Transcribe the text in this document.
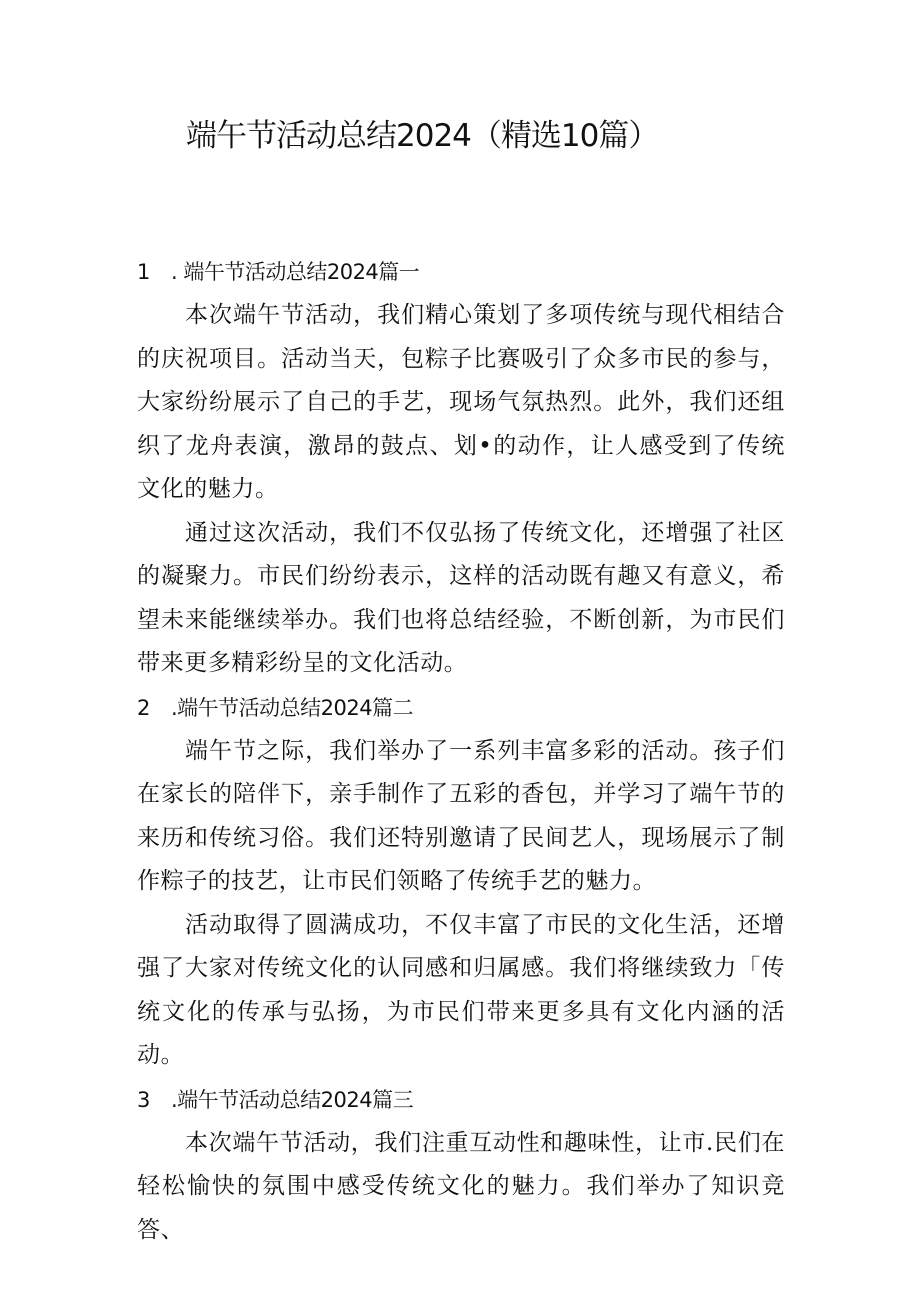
端午节活动总结2024（精选10篇）

1 . 端午节活动总结2024篇一

本次端午节活动，我们精心策划了多项传统与现代相结合的庆祝项目。活动当天，包粽子比赛吸引了众多市民的参与，大家纷纷展示了自己的手艺，现场气氛热烈。此外，我们还组织了龙舟表演，激昂的鼓点、划•的动作，让人感受到了传统文化的魅力。

通过这次活动，我们不仅弘扬了传统文化，还增强了社区的凝聚力。市民们纷纷表示，这样的活动既有趣又有意义，希望未来能继续举办。我们也将总结经验，不断创新，为市民们带来更多精彩纷呈的文化活动。

2 .端午节活动总结2024篇二

端午节之际，我们举办了一系列丰富多彩的活动。孩子们在家长的陪伴下，亲手制作了五彩的香包，并学习了端午节的来历和传统习俗。我们还特别邀请了民间艺人，现场展示了制作粽子的技艺，让市民们领略了传统手艺的魅力。

活动取得了圆满成功，不仅丰富了市民的文化生活，还增强了大家对传统文化的认同感和归属感。我们将继续致力「传统文化的传承与弘扬，为市民们带来更多具有文化内涵的活动。

3 .端午节活动总结2024篇三

本次端午节活动，我们注重互动性和趣味性，让市.民们在轻松愉快的氛围中感受传统文化的魅力。我们举办了知识竞答、
